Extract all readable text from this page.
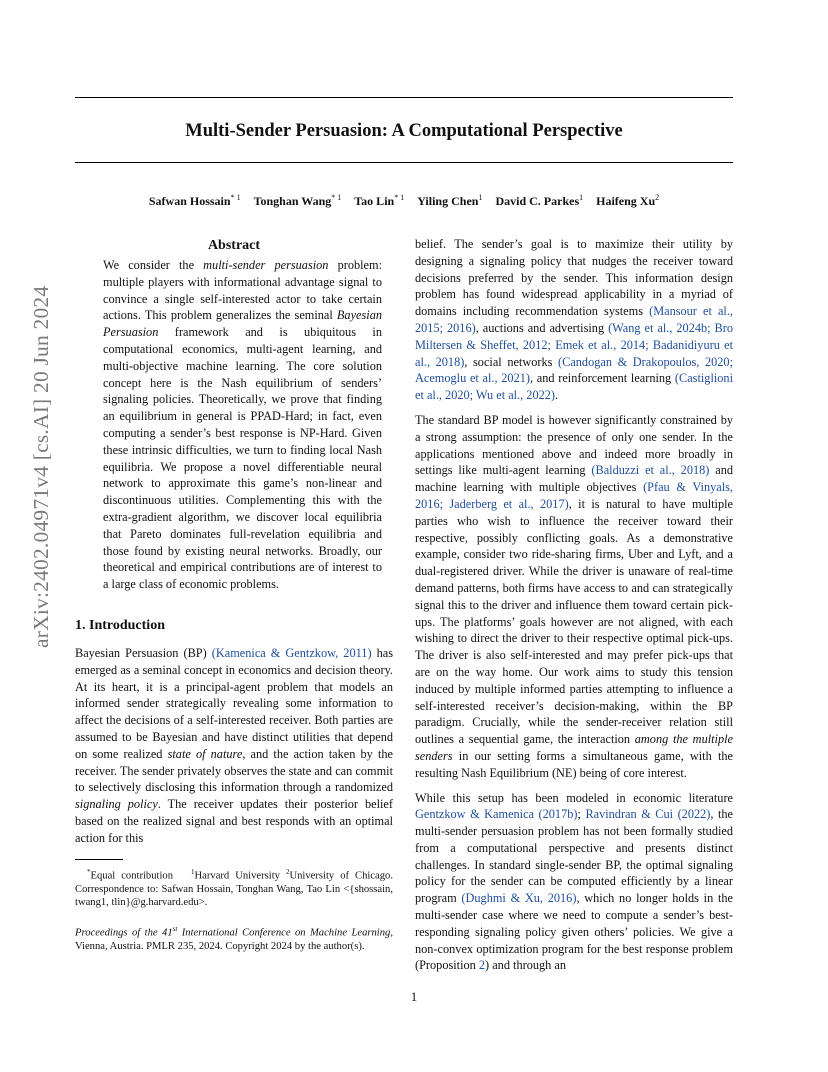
arXiv:2402.04971v4 [cs.AI] 20 Jun 2024
Multi-Sender Persuasion: A Computational Perspective
Safwan Hossain$^{* 1}$ Tonghan Wang$^{* 1}$ Tao Lin$^{* 1}$ Yiling Chen$^1$ David C. Parkes$^1$ Haifeng Xu$^2$
Abstract

We consider the multi-sender persuasion problem: multiple players with informational advantage signal to convince a single self-interested actor to take certain actions. This problem generalizes the seminal Bayesian Persuasion framework and is ubiquitous in computational economics, multi-agent learning, and multi-objective machine learning. The core solution concept here is the Nash equilibrium of senders’ signaling policies. Theoretically, we prove that finding an equilibrium in general is PPAD-Hard; in fact, even computing a sender’s best response is NP-Hard. Given these intrinsic difficulties, we turn to finding local Nash equilibria. We propose a novel differentiable neural network to approximate this game’s non-linear and discontinuous utilities. Complementing this with the extra-gradient algorithm, we discover local equilibria that Pareto dominates full-revelation equilibria and those found by existing neural networks. Broadly, our theoretical and empirical contributions are of interest to a large class of economic problems.

1. Introduction

Bayesian Persuasion (BP) (Kamenica & Gentzkow, 2011) has emerged as a seminal concept in economics and decision theory. At its heart, it is a principal-agent problem that models an informed sender strategically revealing some information to affect the decisions of a self-interested receiver. Both parties are assumed to be Bayesian and have distinct utilities that depend on some realized state of nature, and the action taken by the receiver. The sender privately observes the state and can commit to selectively disclosing this information through a randomized signaling policy. The receiver updates their posterior belief based on the realized signal and best responds with an optimal action for this

*Equal contribution	$^1$Harvard University $^2$University of Chicago. Correspondence to: Safwan Hossain, Tonghan Wang, Tao Lin <{shossain, twang1, tlin}@g.harvard.edu>.

Proceedings of the 41st International Conference on Machine Learning, Vienna, Austria. PMLR 235, 2024. Copyright 2024 by the author(s).

belief. The sender’s goal is to maximize their utility by designing a signaling policy that nudges the receiver toward decisions preferred by the sender. This information design problem has found widespread applicability in a myriad of domains including recommendation systems (Mansour et al., 2015; 2016), auctions and advertising (Wang et al., 2024b; Bro Miltersen & Sheffet, 2012; Emek et al., 2014; Badanidiyuru et al., 2018), social networks (Candogan & Drakopoulos, 2020; Acemoglu et al., 2021), and reinforcement learning (Castiglioni et al., 2020; Wu et al., 2022).

The standard BP model is however significantly constrained by a strong assumption: the presence of only one sender. In the applications mentioned above and indeed more broadly in settings like multi-agent learning (Balduzzi et al., 2018) and machine learning with multiple objectives (Pfau & Vinyals, 2016; Jaderberg et al., 2017), it is natural to have multiple parties who wish to influence the receiver toward their respective, possibly conflicting goals. As a demonstrative example, consider two ride-sharing firms, Uber and Lyft, and a dual-registered driver. While the driver is unaware of real-time demand patterns, both firms have access to and can strategically signal this to the driver and influence them toward certain pick-ups. The platforms’ goals however are not aligned, with each wishing to direct the driver to their respective optimal pick-ups. The driver is also self-interested and may prefer pick-ups that are on the way home. Our work aims to study this tension induced by multiple informed parties attempting to influence a self-interested receiver’s decision-making, within the BP paradigm. Crucially, while the sender-receiver relation still outlines a sequential game, the interaction among the multiple senders in our setting forms a simultaneous game, with the resulting Nash Equilibrium (NE) being of core interest.

While this setup has been modeled in economic literature Gentzkow & Kamenica (2017b); Ravindran & Cui (2022), the multi-sender persuasion problem has not been formally studied from a computational perspective and presents distinct challenges. In standard single-sender BP, the optimal signaling policy for the sender can be computed efficiently by a linear program (Dughmi & Xu, 2016), which no longer holds in the multi-sender case where we need to compute a sender’s best-responding signaling policy given others’ policies. We give a non-convex optimization program for the best response problem (Proposition 2) and through an

1
